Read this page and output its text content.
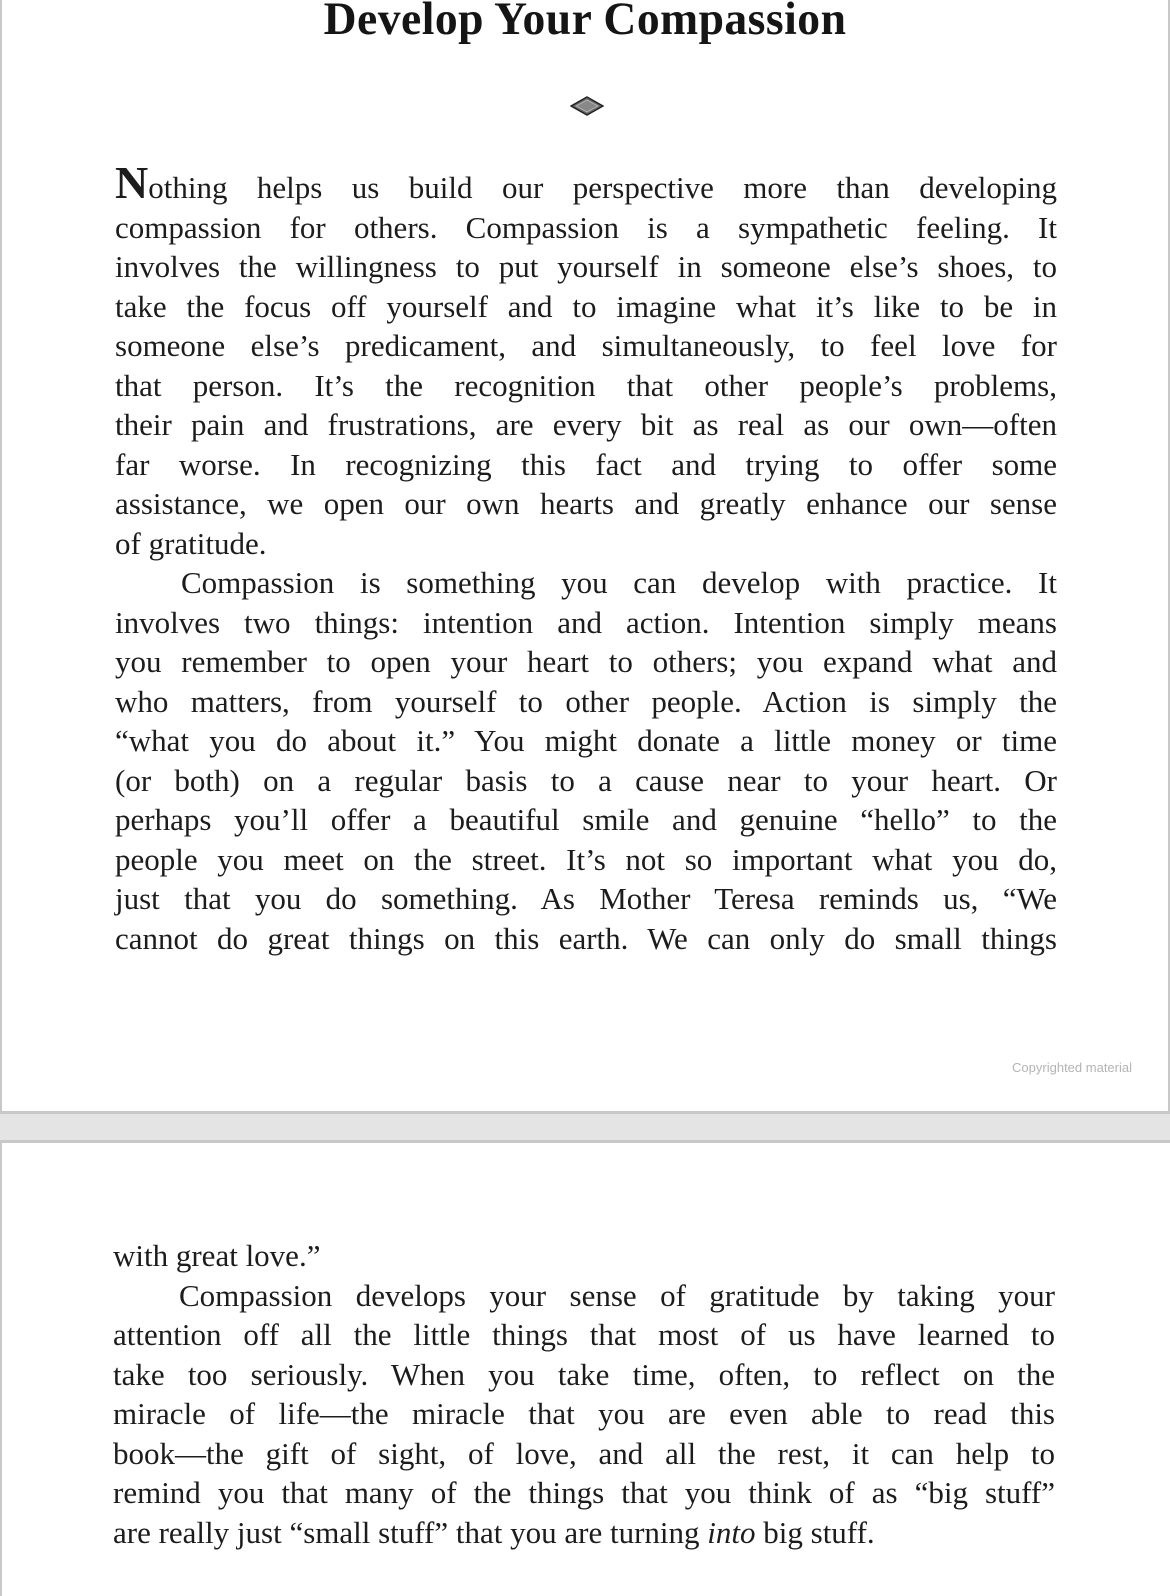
Develop Your Compassion
Nothing helps us build our perspective more than developing
compassion for others. Compassion is a sympathetic feeling. It
involves the willingness to put yourself in someone else’s shoes, to
take the focus off yourself and to imagine what it’s like to be in
someone else’s predicament, and simultaneously, to feel love for
that person. It’s the recognition that other people’s problems,
their pain and frustrations, are every bit as real as our own—often
far worse. In recognizing this fact and trying to offer some
assistance, we open our own hearts and greatly enhance our sense
of gratitude.
Compassion is something you can develop with practice. It
involves two things: intention and action. Intention simply means
you remember to open your heart to others; you expand what and
who matters, from yourself to other people. Action is simply the
“what you do about it.” You might donate a little money or time
(or both) on a regular basis to a cause near to your heart. Or
perhaps you’ll offer a beautiful smile and genuine “hello” to the
people you meet on the street. It’s not so important what you do,
just that you do something. As Mother Teresa reminds us, “We
cannot do great things on this earth. We can only do small things
Copyrighted material
with great love.”
Compassion develops your sense of gratitude by taking your
attention off all the little things that most of us have learned to
take too seriously. When you take time, often, to reflect on the
miracle of life—the miracle that you are even able to read this
book—the gift of sight, of love, and all the rest, it can help to
remind you that many of the things that you think of as “big stuff”
are really just “small stuff” that you are turning into big stuff.
